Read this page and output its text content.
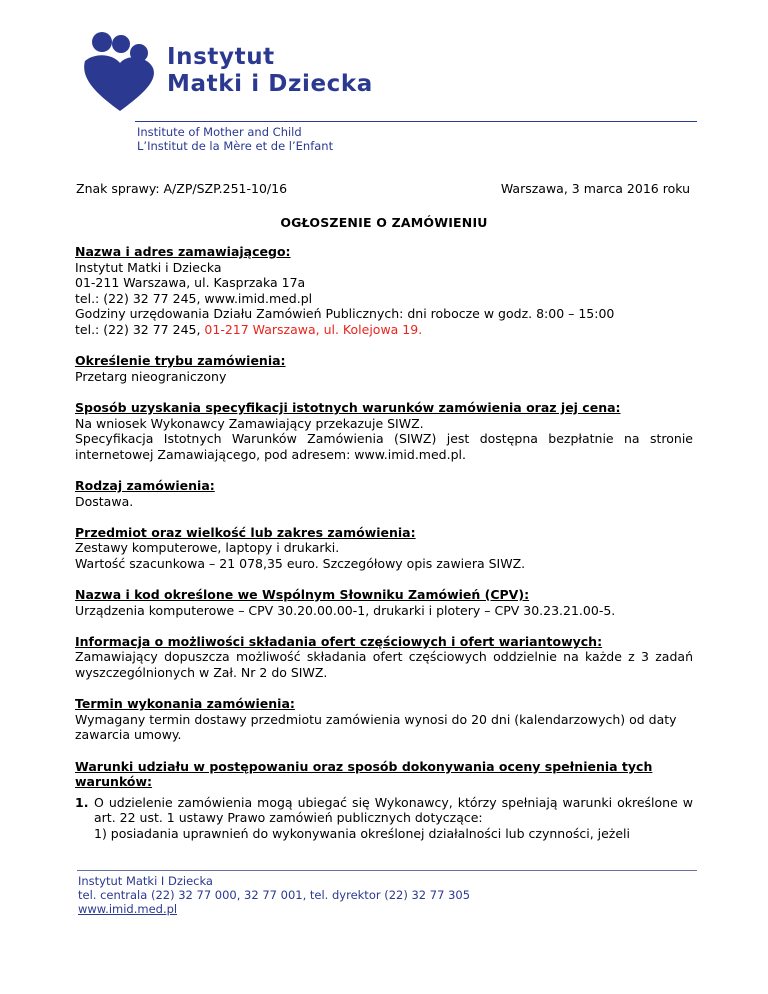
Instytut
Matki i Dziecka
Institute of Mother and Child
L’Institut de la Mère et de l’Enfant
Znak sprawy: A/ZP/SZP.251-10/16	Warszawa, 3 marca 2016 roku
OGŁOSZENIE O ZAMÓWIENIU
Nazwa i adres zamawiającego:
Instytut Matki i Dziecka
01-211 Warszawa, ul. Kasprzaka 17a
tel.: (22) 32 77 245, www.imid.med.pl
Godziny urzędowania Działu Zamówień Publicznych: dni robocze w godz. 8:00 – 15:00
tel.: (22) 32 77 245, 01-217 Warszawa, ul. Kolejowa 19.
Określenie trybu zamówienia:
Przetarg nieograniczony
Sposób uzyskania specyfikacji istotnych warunków zamówienia oraz jej cena:
Na wniosek Wykonawcy Zamawiający przekazuje SIWZ.
Specyfikacja Istotnych Warunków Zamówienia (SIWZ) jest dostępna bezpłatnie na stronie internetowej Zamawiającego, pod adresem: www.imid.med.pl.
Rodzaj zamówienia:
Dostawa.
Przedmiot oraz wielkość lub zakres zamówienia:
Zestawy komputerowe, laptopy i drukarki.
Wartość szacunkowa – 21 078,35 euro. Szczegółowy opis zawiera SIWZ.
Nazwa i kod określone we Wspólnym Słowniku Zamówień (CPV):
Urządzenia komputerowe – CPV 30.20.00.00-1, drukarki i plotery – CPV 30.23.21.00-5.
Informacja o możliwości składania ofert częściowych i ofert wariantowych:
Zamawiający dopuszcza możliwość składania ofert częściowych oddzielnie na każde z 3 zadań wyszczególnionych w Zał. Nr 2 do SIWZ.
Termin wykonania zamówienia:
Wymagany termin dostawy przedmiotu zamówienia wynosi do 20 dni (kalendarzowych) od daty
zawarcia umowy.
Warunki udziału w postępowaniu oraz sposób dokonywania oceny spełnienia tych
warunków:
1. O udzielenie zamówienia mogą ubiegać się Wykonawcy, którzy spełniają warunki określone w art. 22 ust. 1 ustawy Prawo zamówień publicznych dotyczące:
1) posiadania uprawnień do wykonywania określonej działalności lub czynności, jeżeli
Instytut Matki I Dziecka
tel. centrala (22) 32 77 000, 32 77 001, tel. dyrektor (22) 32 77 305
www.imid.med.pl
